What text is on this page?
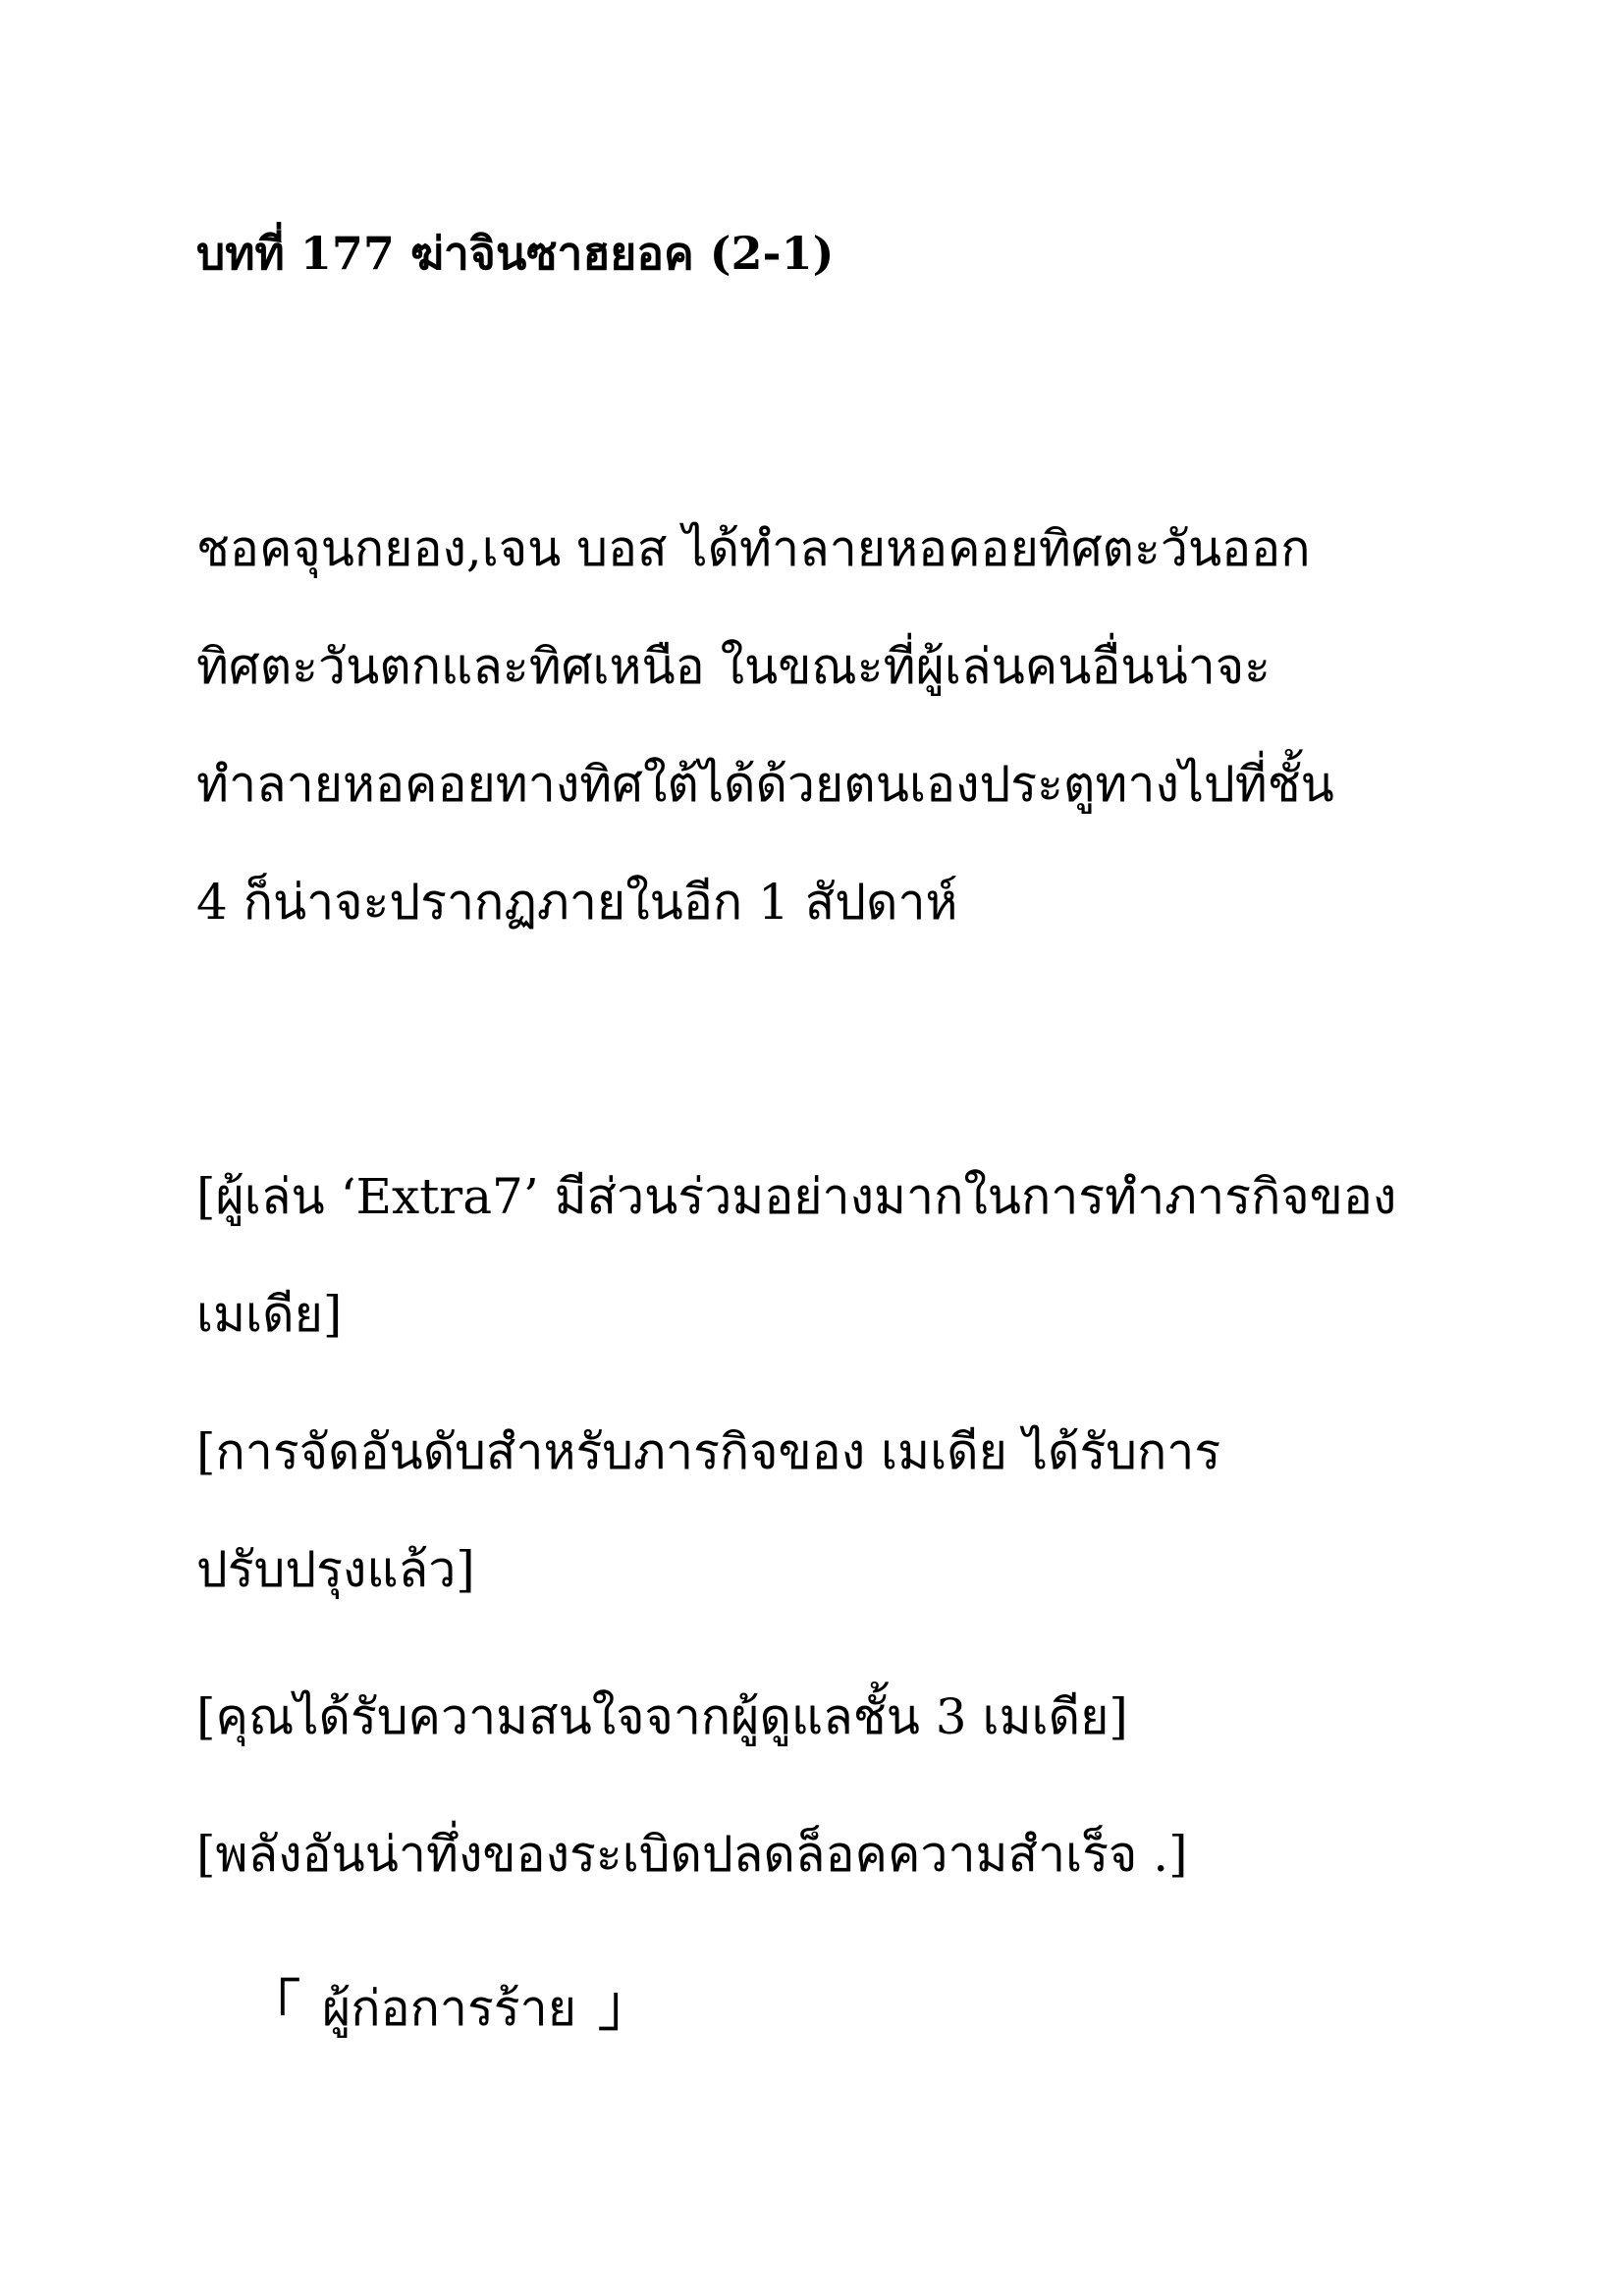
บทที่ 177 ฆ่าจินซาฮยอค (2-1)
ชอคจุนกยอง,เจน บอส ได้ทำลายหอคอยทิศตะวันออก
ทิศตะวันตกและทิศเหนือ ในขณะที่ผู้เล่นคนอื่นน่าจะ
ทำลายหอคอยทางทิศใต้ได้ด้วยตนเองประตูทางไปที่ชั้น
4 ก็น่าจะปรากฏภายในอีก 1 สัปดาห์
[ผู้เล่น ‘Extra7’ มีส่วนร่วมอย่างมากในการทำภารกิจของ
เมเดีย]
[การจัดอันดับสำหรับภารกิจของ เมเดีย ได้รับการ
ปรับปรุงแล้ว]
[คุณได้รับความสนใจจากผู้ดูแลชั้น 3 เมเดีย]
[พลังอันน่าทึ่งของระเบิดปลดล็อคความสำเร็จ .]
「 ผู้ก่อการร้าย 」
